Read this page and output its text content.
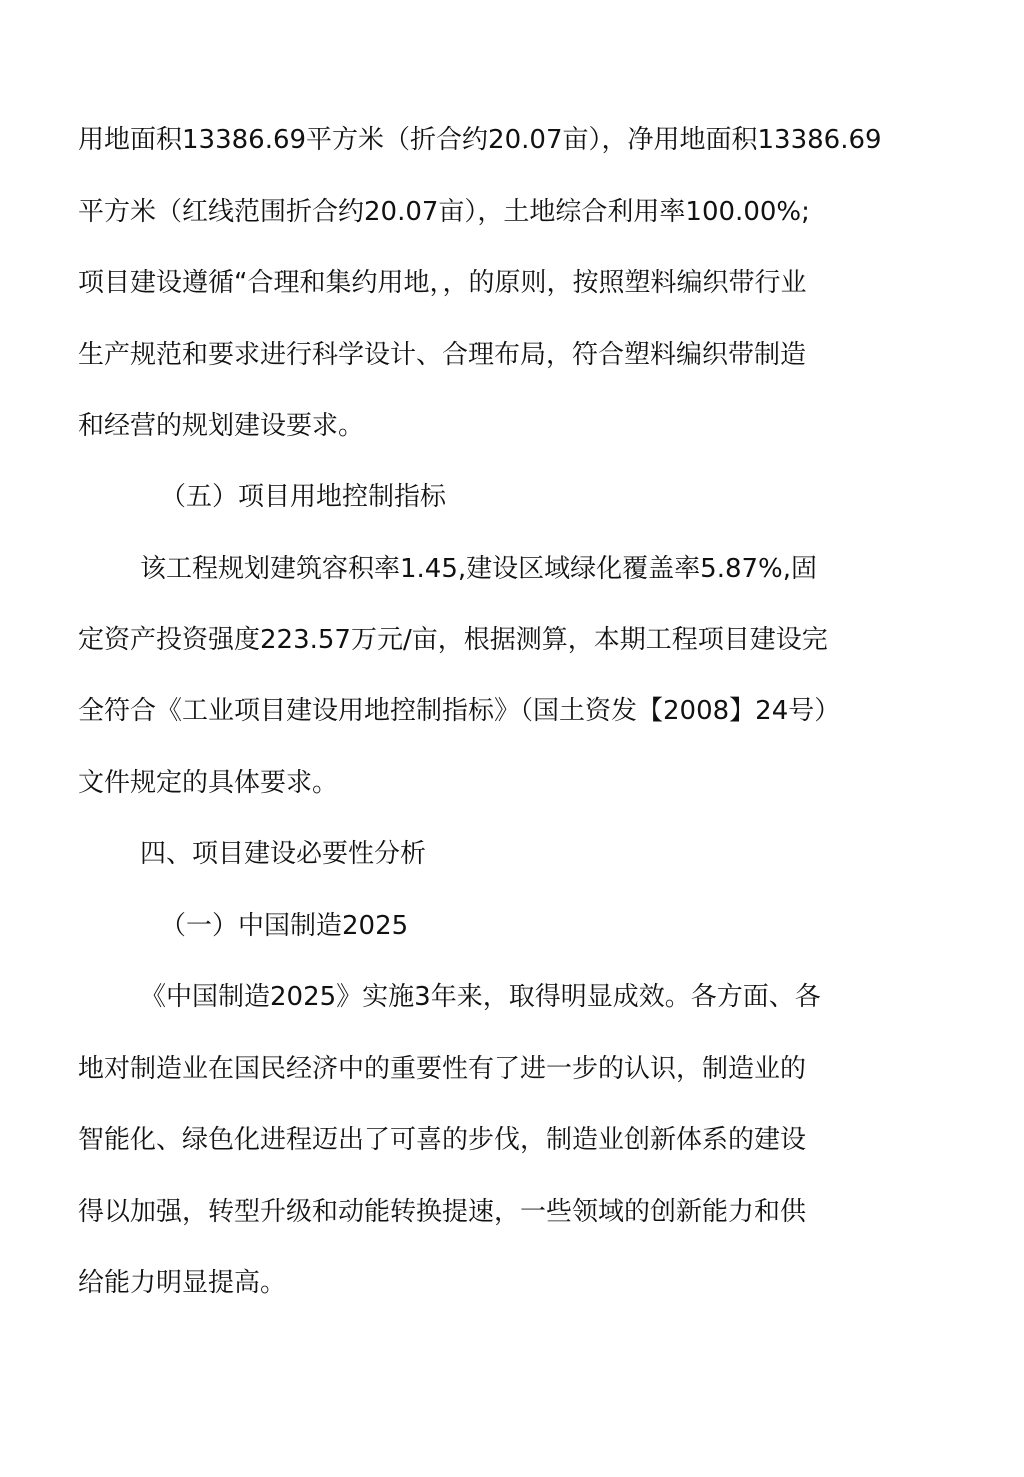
用地面积13386.69平方米（折合约20.07亩），净用地面积13386.69
平方米（红线范围折合约20.07亩），土地综合利用率100.00%;
项目建设遵循“合理和集约用地，，的原则，按照塑料编织带行业
生产规范和要求进行科学设计、合理布局，符合塑料编织带制造
和经营的规划建设要求。
（五）项目用地控制指标
该工程规划建筑容积率1.45,建设区域绿化覆盖率5.87%,固
定资产投资强度223.57万元/亩，根据测算，本期工程项目建设完
全符合《工业项目建设用地控制指标》（国土资发【2008】24号）
文件规定的具体要求。
四、项目建设必要性分析
（一）中国制造2025
《中国制造2025》实施3年来，取得明显成效。各方面、各
地对制造业在国民经济中的重要性有了进一步的认识，制造业的
智能化、绿色化进程迈出了可喜的步伐，制造业创新体系的建设
得以加强，转型升级和动能转换提速，一些领域的创新能力和供
给能力明显提高。
